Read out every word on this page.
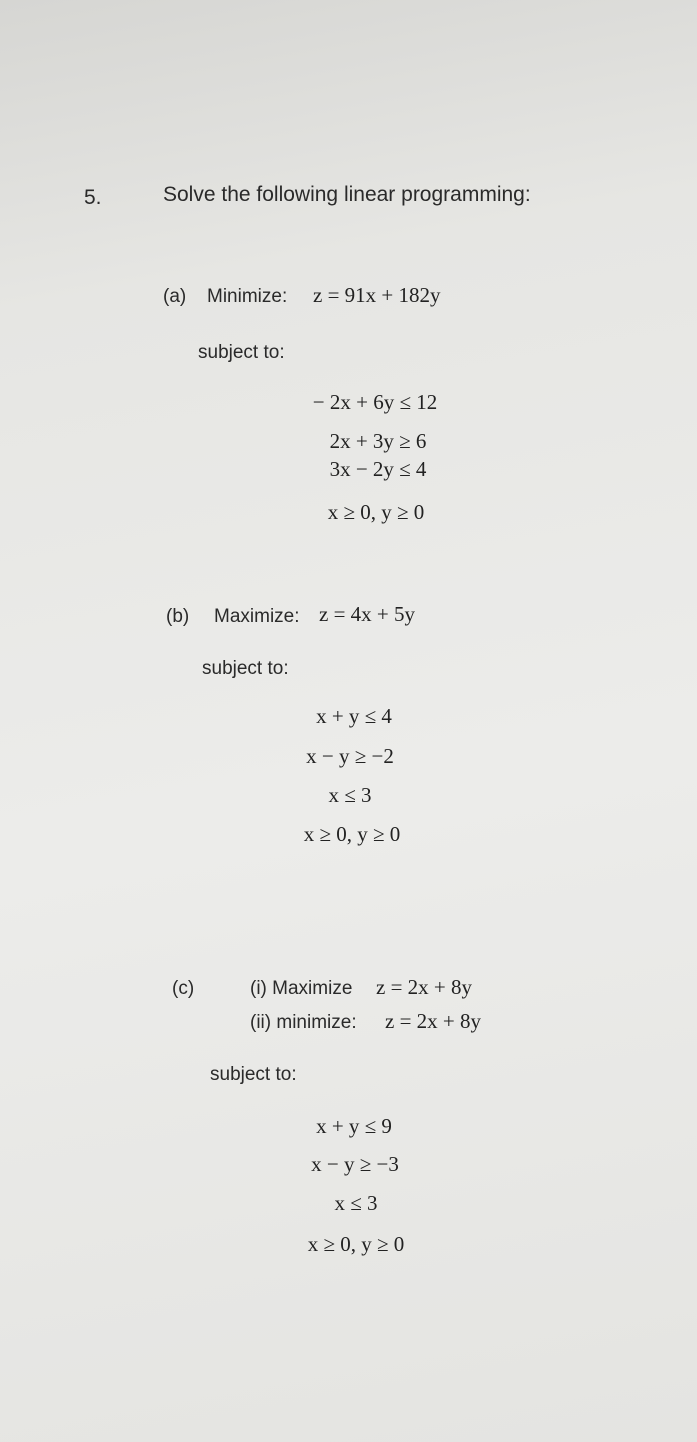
5.	Solve the following linear programming:
(a) Minimize: z = 91x + 182y
subject to:
− 2x + 6y ≤ 12
2x + 3y ≥ 6
3x − 2y ≤ 4
x ≥ 0, y ≥ 0
(b) Maximize: z = 4x + 5y
subject to:
x + y ≤ 4
x − y ≥ −2
x ≤ 3
x ≥ 0, y ≥ 0
(c)	(i) Maximize z = 2x + 8y
(ii) minimize: z = 2x + 8y
subject to:
x + y ≤ 9
x − y ≥ −3
x ≤ 3
x ≥ 0, y ≥ 0
